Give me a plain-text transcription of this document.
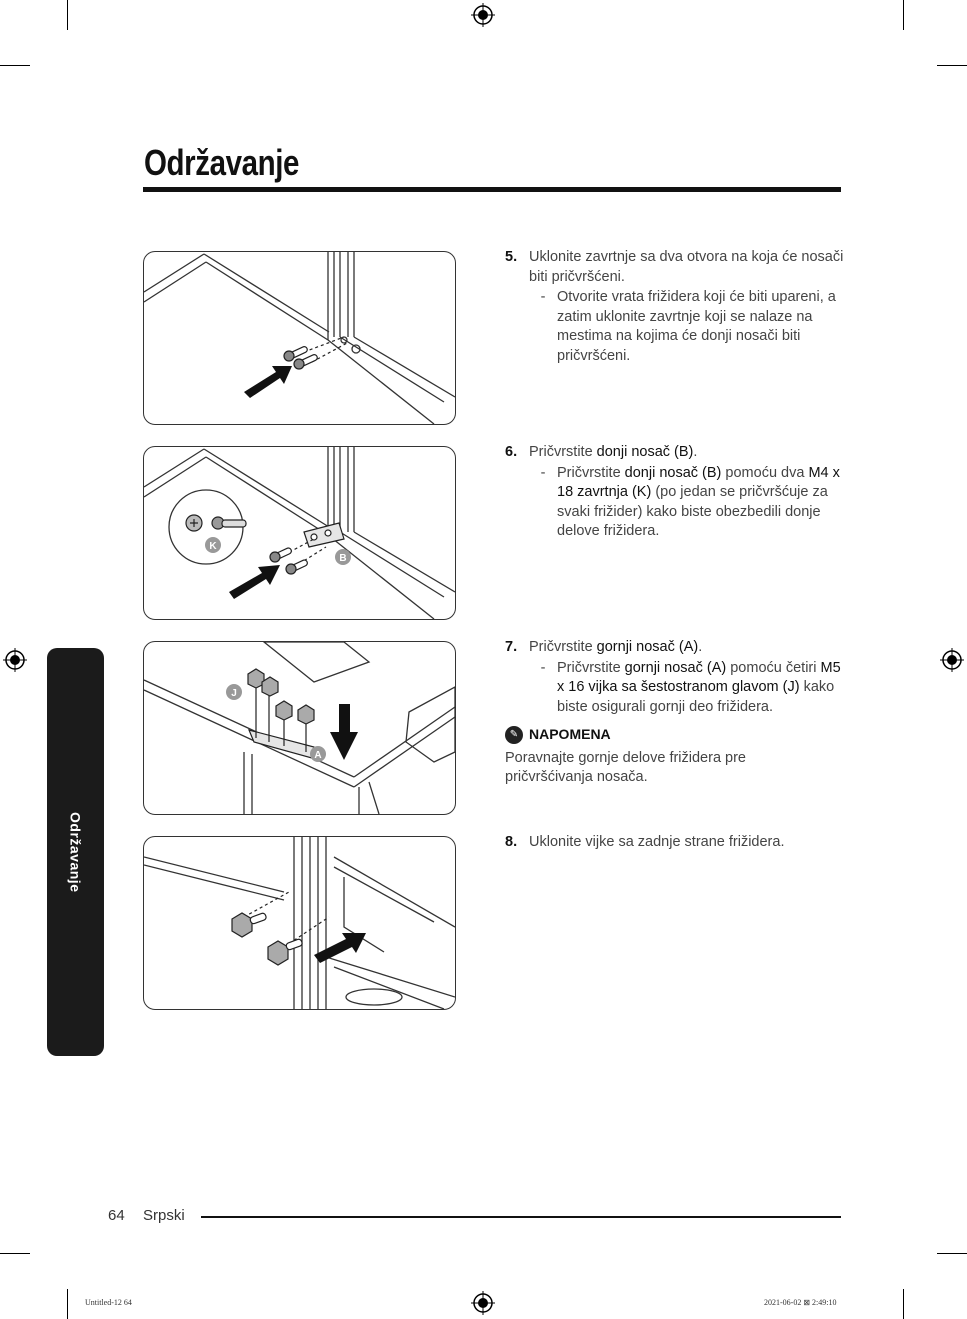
Održavanje
Održavanje
K
B
J
A
5. Uklonite zavrtnje sa dva otvora na koja će nosači biti pričvršćeni.
- Otvorite vrata frižidera koji će biti upareni, a zatim uklonite zavrtnje koji se nalaze na mestima na kojima će donji nosači biti pričvršćeni.
6. Pričvrstite donji nosač (B).
- Pričvrstite donji nosač (B) pomoću dva M4 x 18 zavrtnja (K) (po jedan se pričvršćuje za svaki frižider) kako biste obezbedili donje delove frižidera.
7. Pričvrstite gornji nosač (A).
- Pričvrstite gornji nosač (A) pomoću četiri M5 x 16 vijka sa šestostranom glavom (J) kako biste osigurali gornji deo frižidera.
✎ NAPOMENA
Poravnajte gornje delove frižidera pre pričvršćivanja nosača.
8. Uklonite vijke sa zadnje strane frižidera.
64 Srpski
Untitled-12 64	2021-06-02 ⊠ 2:49:10
